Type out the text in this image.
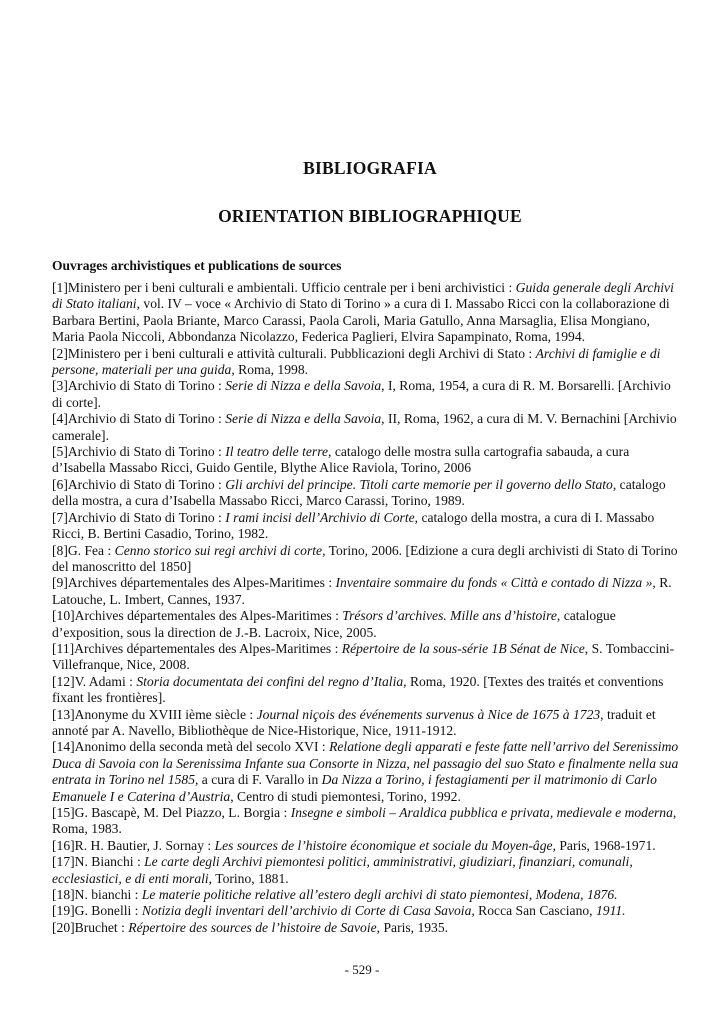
BIBLIOGRAFIA
ORIENTATION BIBLIOGRAPHIQUE
Ouvrages archivistiques et publications de sources

[1]Ministero per i beni culturali e ambientali. Ufficio centrale per i beni archivistici : Guida generale degli Archivi di Stato italiani, vol. IV – voce « Archivio di Stato di Torino » a cura di I. Massabo Ricci con la collaborazione di Barbara Bertini, Paola Briante, Marco Carassi, Paola Caroli, Maria Gatullo, Anna Marsaglia, Elisa Mongiano, Maria Paola Niccoli, Abbondanza Nicolazzo, Federica Paglieri, Elvira Sapampinato, Roma, 1994.

[2]Ministero per i beni culturali e attività culturali. Pubblicazioni degli Archivi di Stato : Archivi di famiglie e di persone, materiali per una guida, Roma, 1998.

[3]Archivio di Stato di Torino : Serie di Nizza e della Savoia, I, Roma, 1954, a cura di R. M. Borsarelli. [Archivio di corte].

[4]Archivio di Stato di Torino : Serie di Nizza e della Savoia, II, Roma, 1962, a cura di M. V. Bernachini [Archivio camerale].

[5]Archivio di Stato di Torino : Il teatro delle terre, catalogo delle mostra sulla cartografia sabauda, a cura d’Isabella Massabo Ricci, Guido Gentile, Blythe Alice Raviola, Torino, 2006

[6]Archivio di Stato di Torino : Gli archivi del principe. Titoli carte memorie per il governo dello Stato, catalogo della mostra, a cura d’Isabella Massabo Ricci, Marco Carassi, Torino, 1989.

[7]Archivio di Stato di Torino : I rami incisi dell’Archivio di Corte, catalogo della mostra, a cura di I. Massabo Ricci, B. Bertini Casadio, Torino, 1982.

[8]G. Fea : Cenno storico sui regi archivi di corte, Torino, 2006. [Edizione a cura degli archivisti di Stato di Torino del manoscritto del 1850]

[9]Archives départementales des Alpes-Maritimes : Inventaire sommaire du fonds « Città e contado di Nizza », R. Latouche, L. Imbert, Cannes, 1937.

[10]Archives départementales des Alpes-Maritimes : Trésors d’archives. Mille ans d’histoire, catalogue d’exposition, sous la direction de J.-B. Lacroix, Nice, 2005.

[11]Archives départementales des Alpes-Maritimes : Répertoire de la sous-série 1B Sénat de Nice, S. Tombaccini-Villefranque, Nice, 2008.

[12]V. Adami : Storia documentata dei confini del regno d’Italia, Roma, 1920. [Textes des traités et conventions fixant les frontières].

[13]Anonyme du XVIII ième siècle : Journal niçois des événements survenus à Nice de 1675 à 1723, traduit et annoté par A. Navello, Bibliothèque de Nice-Historique, Nice, 1911-1912.

[14]Anonimo della seconda metà del secolo XVI : Relatione degli apparati e feste fatte nell’arrivo del Serenissimo Duca di Savoia con la Serenissima Infante sua Consorte in Nizza, nel passagio del suo Stato e finalmente nella sua entrata in Torino nel 1585, a cura di F. Varallo in Da Nizza a Torino, i festagiamenti per il matrimonio di Carlo Emanuele I e Caterina d’Austria, Centro di studi piemontesi, Torino, 1992.

[15]G. Bascapè, M. Del Piazzo, L. Borgia : Insegne e simboli – Araldica pubblica e privata, medievale e moderna, Roma, 1983.

[16]R. H. Bautier, J. Sornay : Les sources de l’histoire économique et sociale du Moyen-âge, Paris, 1968-1971.

[17]N. Bianchi : Le carte degli Archivi piemontesi politici, amministrativi, giudiziari, finanziari, comunali, ecclesiastici, e di enti morali, Torino, 1881.

[18]N. bianchi : Le materie politiche relative all’estero degli archivi di stato piemontesi, Modena, 1876.

[19]G. Bonelli : Notizia degli inventari dell’archivio di Corte di Casa Savoia, Rocca San Casciano, 1911.

[20]Bruchet : Répertoire des sources de l’histoire de Savoie, Paris, 1935.

- 529 -
